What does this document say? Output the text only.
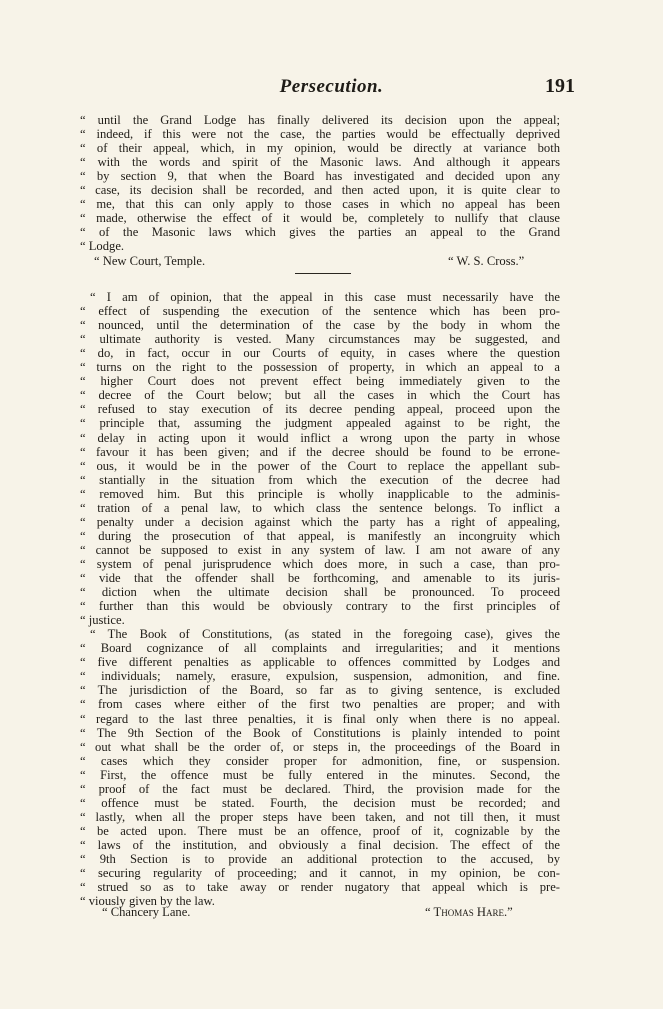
Persecution.	191
“ until the Grand Lodge has finally delivered its decision upon the appeal;
“ indeed, if this were not the case, the parties would be effectually deprived
“ of their appeal, which, in my opinion, would be directly at variance both
“ with the words and spirit of the Masonic laws. And although it appears
“ by section 9, that when the Board has investigated and decided upon any
“ case, its decision shall be recorded, and then acted upon, it is quite clear to
“ me, that this can only apply to those cases in which no appeal has been
“ made, otherwise the effect of it would be, completely to nullify that clause
“ of the Masonic laws which gives the parties an appeal to the Grand
“ Lodge.
“ New Court, Temple.	“ W. S. Cross.”
“ I am of opinion, that the appeal in this case must necessarily have the
“ effect of suspending the execution of the sentence which has been pro-
“ nounced, until the determination of the case by the body in whom the
“ ultimate authority is vested. Many circumstances may be suggested, and
“ do, in fact, occur in our Courts of equity, in cases where the question
“ turns on the right to the possession of property, in which an appeal to a
“ higher Court does not prevent effect being immediately given to the
“ decree of the Court below; but all the cases in which the Court has
“ refused to stay execution of its decree pending appeal, proceed upon the
“ principle that, assuming the judgment appealed against to be right, the
“ delay in acting upon it would inflict a wrong upon the party in whose
“ favour it has been given; and if the decree should be found to be errone-
“ ous, it would be in the power of the Court to replace the appellant sub-
“ stantially in the situation from which the execution of the decree had
“ removed him. But this principle is wholly inapplicable to the adminis-
“ tration of a penal law, to which class the sentence belongs. To inflict a
“ penalty under a decision against which the party has a right of appealing,
“ during the prosecution of that appeal, is manifestly an incongruity which
“ cannot be supposed to exist in any system of law. I am not aware of any
“ system of penal jurisprudence which does more, in such a case, than pro-
“ vide that the offender shall be forthcoming, and amenable to its juris-
“ diction when the ultimate decision shall be pronounced. To proceed
“ further than this would be obviously contrary to the first principles of
“ justice.
“ The Book of Constitutions, (as stated in the foregoing case), gives the
“ Board cognizance of all complaints and irregularities; and it mentions
“ five different penalties as applicable to offences committed by Lodges and
“ individuals; namely, erasure, expulsion, suspension, admonition, and fine.
“ The jurisdiction of the Board, so far as to giving sentence, is excluded
“ from cases where either of the first two penalties are proper; and with
“ regard to the last three penalties, it is final only when there is no appeal.
“ The 9th Section of the Book of Constitutions is plainly intended to point
“ out what shall be the order of, or steps in, the proceedings of the Board in
“ cases which they consider proper for admonition, fine, or suspension.
“ First, the offence must be fully entered in the minutes. Second, the
“ proof of the fact must be declared. Third, the provision made for the
“ offence must be stated. Fourth, the decision must be recorded; and
“ lastly, when all the proper steps have been taken, and not till then, it must
“ be acted upon. There must be an offence, proof of it, cognizable by the
“ laws of the institution, and obviously a final decision. The effect of the
“ 9th Section is to provide an additional protection to the accused, by
“ securing regularity of proceeding; and it cannot, in my opinion, be con-
“ strued so as to take away or render nugatory that appeal which is pre-
“ viously given by the law.
“ Chancery Lane.	“ Thomas Hare.”
